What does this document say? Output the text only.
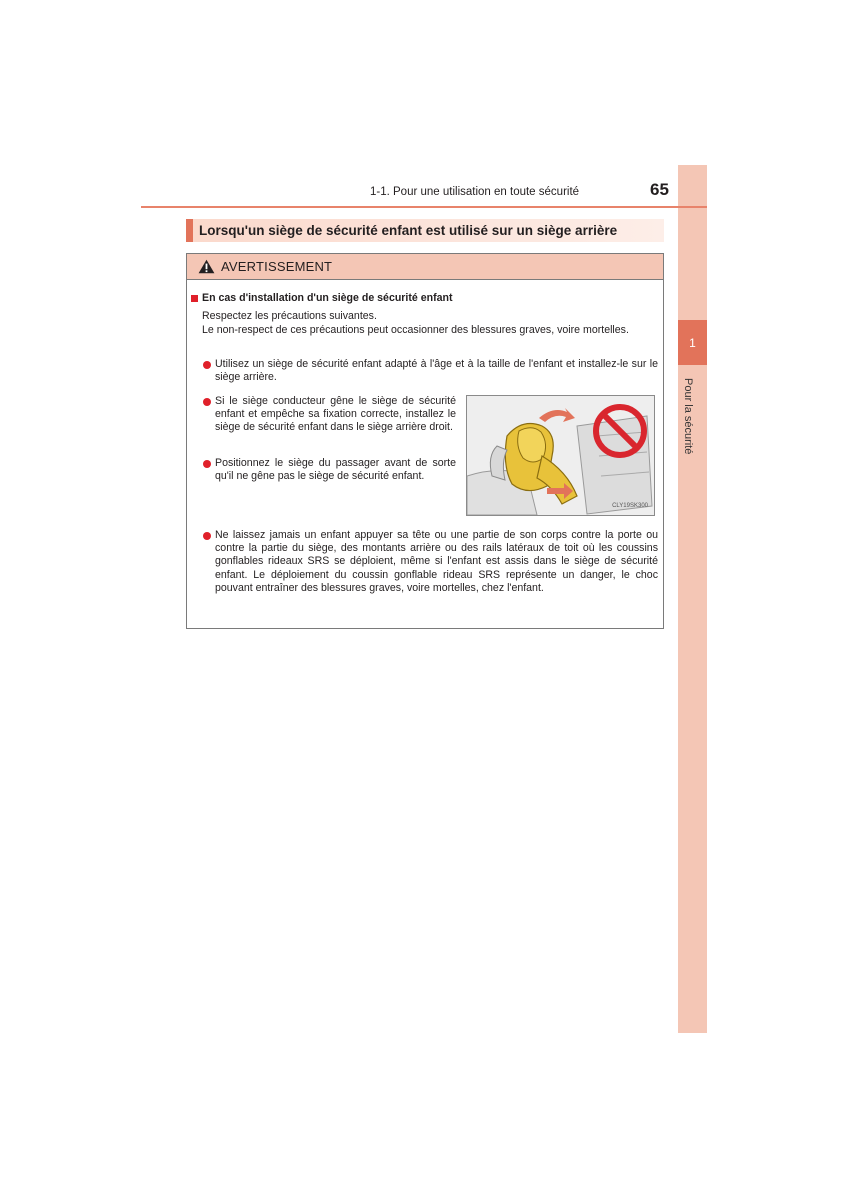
1
Pour la sécurité
1-1. Pour une utilisation en toute sécurité	65
Lorsqu'un siège de sécurité enfant est utilisé sur un siège arrière
AVERTISSEMENT
En cas d'installation d'un siège de sécurité enfant
Respectez les précautions suivantes.
Le non-respect de ces précautions peut occasionner des blessures graves, voire mortelles.
Utilisez un siège de sécurité enfant adapté à l'âge et à la taille de l'enfant et installez-le sur le siège arrière.
Si le siège conducteur gêne le siège de sécurité enfant et empêche sa fixation correcte, installez le siège de sécurité enfant dans le siège arrière droit.
Positionnez le siège du passager avant de sorte qu'il ne gêne pas le siège de sécurité enfant.
CLY19SK300
Ne laissez jamais un enfant appuyer sa tête ou une partie de son corps contre la porte ou contre la partie du siège, des montants arrière ou des rails latéraux de toit où les coussins gonflables rideaux SRS se déploient, même si l'enfant est assis dans le siège de sécurité enfant. Le déploiement du coussin gonflable rideau SRS représente un danger, le choc pouvant entraîner des blessures graves, voire mortelles, chez l'enfant.
